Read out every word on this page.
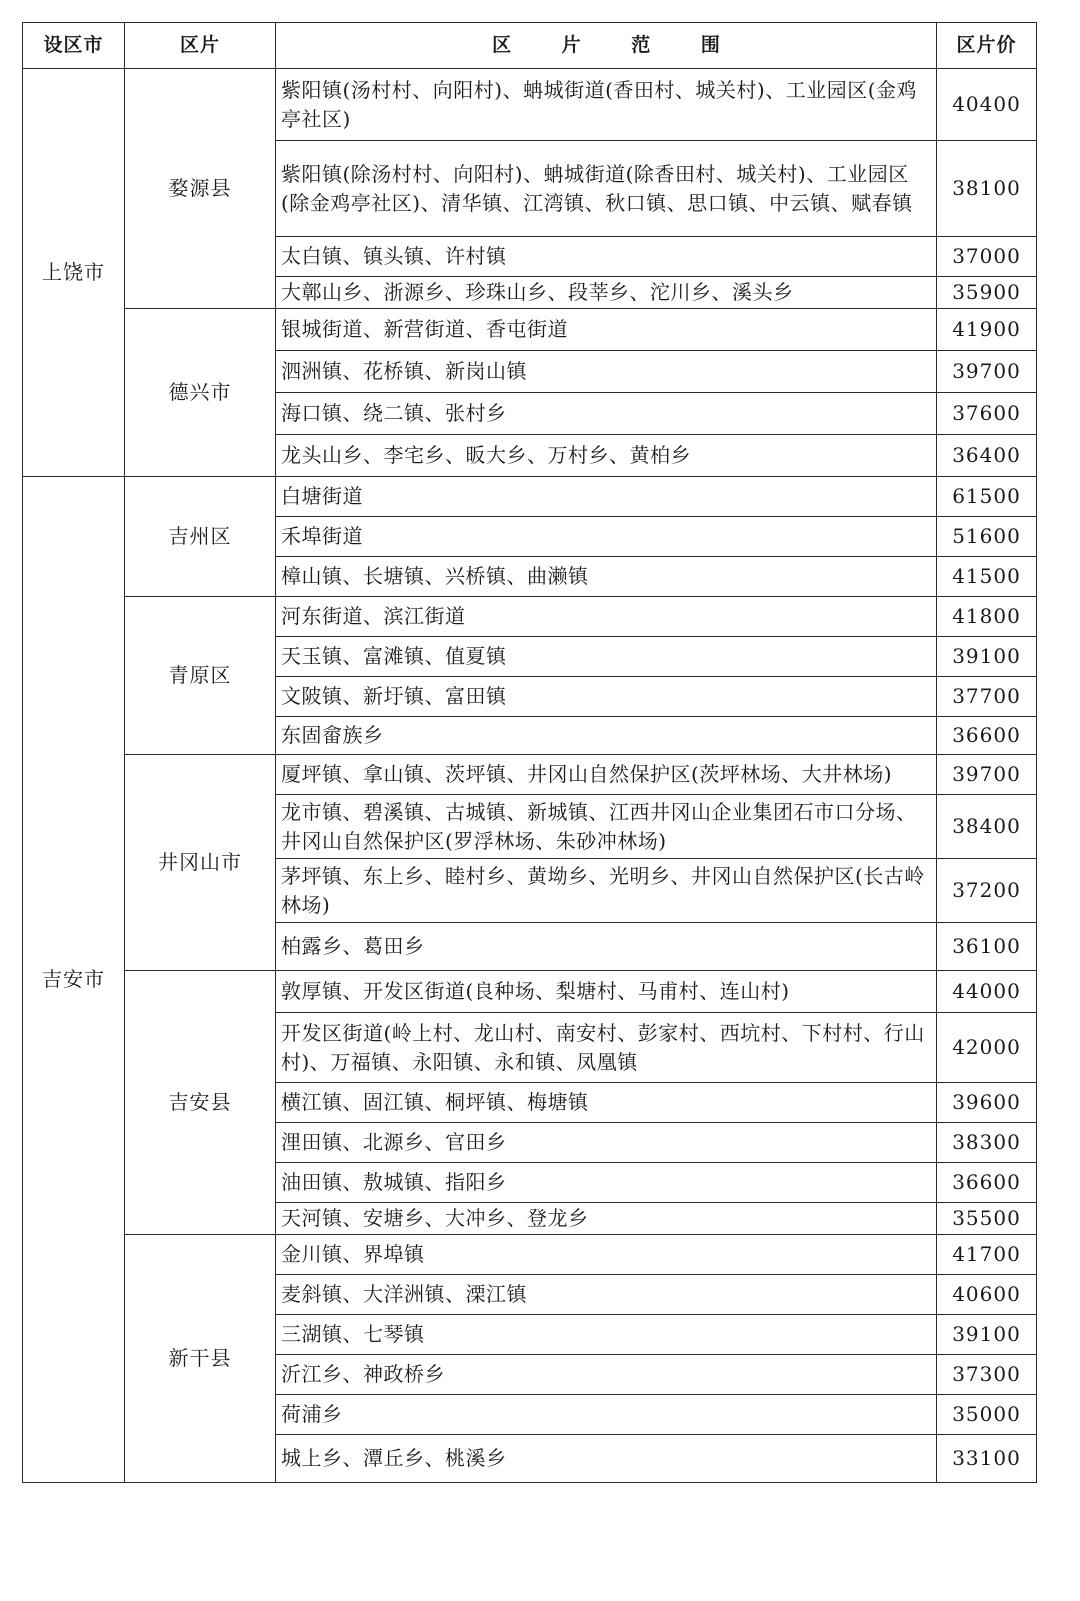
设区市	区片	区 片 范 围	区片价
上饶市	婺源县	紫阳镇(汤村村、向阳村)、蚺城街道(香田村、城关村)、工业园区(金鸡亭社区)	40400
		紫阳镇(除汤村村、向阳村)、蚺城街道(除香田村、城关村)、工业园区(除金鸡亭社区)、清华镇、江湾镇、秋口镇、思口镇、中云镇、赋春镇	38100
		太白镇、镇头镇、许村镇	37000
		大鄣山乡、浙源乡、珍珠山乡、段莘乡、沱川乡、溪头乡	35900
	德兴市	银城街道、新营街道、香屯街道	41900
		泗洲镇、花桥镇、新岗山镇	39700
		海口镇、绕二镇、张村乡	37600
		龙头山乡、李宅乡、昄大乡、万村乡、黄柏乡	36400
吉安市	吉州区	白塘街道	61500
		禾埠街道	51600
		樟山镇、长塘镇、兴桥镇、曲濑镇	41500
	青原区	河东街道、滨江街道	41800
		天玉镇、富滩镇、值夏镇	39100
		文陂镇、新圩镇、富田镇	37700
		东固畲族乡	36600
	井冈山市	厦坪镇、拿山镇、茨坪镇、井冈山自然保护区(茨坪林场、大井林场)	39700
		龙市镇、碧溪镇、古城镇、新城镇、江西井冈山企业集团石市口分场、井冈山自然保护区(罗浮林场、朱砂冲林场)	38400
		茅坪镇、东上乡、睦村乡、黄坳乡、光明乡、井冈山自然保护区(长古岭林场)	37200
		柏露乡、葛田乡	36100
	吉安县	敦厚镇、开发区街道(良种场、梨塘村、马甫村、连山村)	44000
		开发区街道(岭上村、龙山村、南安村、彭家村、西坑村、下村村、行山村)、万福镇、永阳镇、永和镇、凤凰镇	42000
		横江镇、固江镇、桐坪镇、梅塘镇	39600
		浬田镇、北源乡、官田乡	38300
		油田镇、敖城镇、指阳乡	36600
		天河镇、安塘乡、大冲乡、登龙乡	35500
	新干县	金川镇、界埠镇	41700
		麦斜镇、大洋洲镇、溧江镇	40600
		三湖镇、七琴镇	39100
		沂江乡、神政桥乡	37300
		荷浦乡	35000
		城上乡、潭丘乡、桃溪乡	33100
